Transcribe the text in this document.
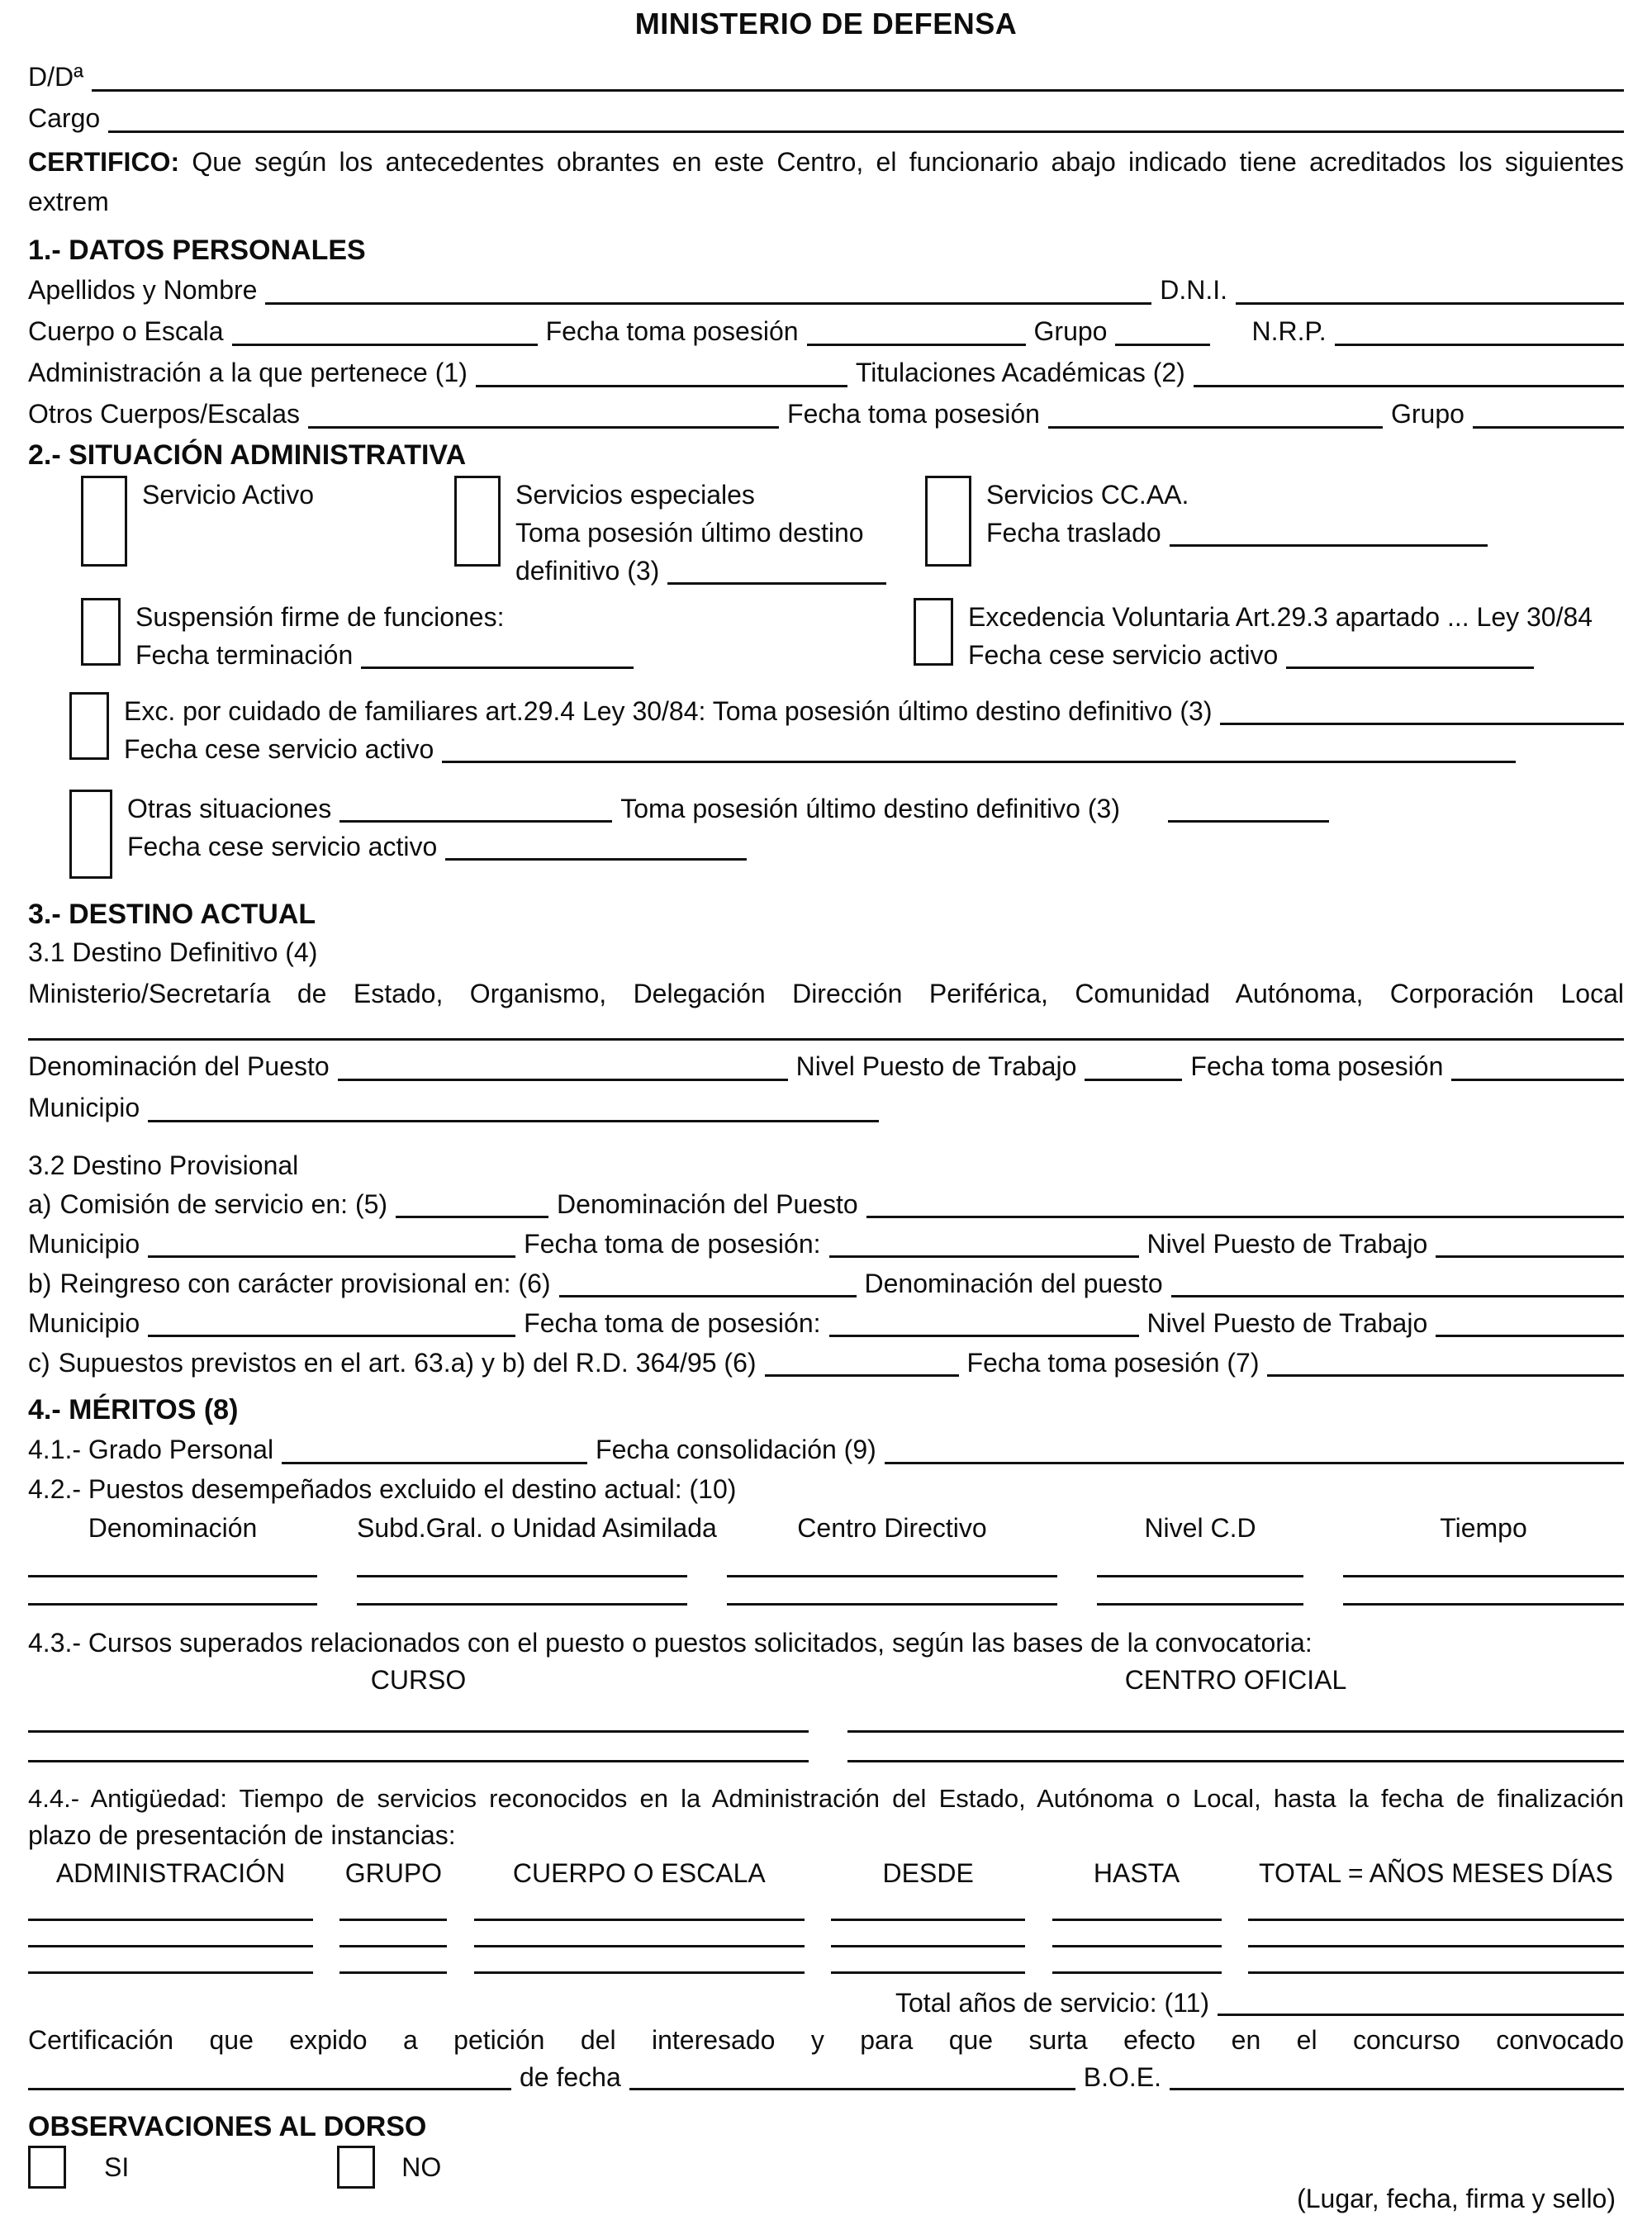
MINISTERIO DE DEFENSA
D/Dª
Cargo
CERTIFICO: Que según los antecedentes obrantes en este Centro, el funcionario abajo indicado tiene acreditados los siguientes extrem
1.- DATOS PERSONALES
Apellidos y Nombre	D.N.I.
Cuerpo o Escala	Fecha toma posesión	Grupo	N.R.P.
Administración a la que pertenece (1)	Titulaciones Académicas (2)
Otros Cuerpos/Escalas	Fecha toma posesión	Grupo
2.- SITUACIÓN ADMINISTRATIVA
Servicio Activo	Servicios especiales
Toma posesión último destino
definitivo (3)
Servicios CC.AA.
Fecha traslado
Suspensión firme de funciones:
Fecha terminación
Excedencia Voluntaria Art.29.3 apartado ... Ley 30/84
Fecha cese servicio activo
Exc. por cuidado de familiares art.29.4 Ley 30/84: Toma posesión último destino definitivo (3)
Fecha cese servicio activo
Otras situaciones	Toma posesión último destino definitivo (3)
Fecha cese servicio activo
3.- DESTINO ACTUAL
3.1 Destino Definitivo (4)
Ministerio/Secretaría de Estado, Organismo, Delegación Dirección Periférica, Comunidad Autónoma, Corporación Local
Denominación del Puesto	Nivel Puesto de Trabajo	Fecha toma posesión
Municipio
3.2 Destino Provisional
a) Comisión de servicio en: (5)	Denominación del Puesto
Municipio	Fecha toma de posesión:	Nivel Puesto de Trabajo
b) Reingreso con carácter provisional en: (6)	Denominación del puesto
Municipio	Fecha toma de posesión:	Nivel Puesto de Trabajo
c) Supuestos previstos en el art. 63.a) y b) del R.D. 364/95 (6)	Fecha toma posesión (7)
4.- MÉRITOS (8)
4.1.- Grado Personal	Fecha consolidación (9)
4.2.- Puestos desempeñados excluido el destino actual: (10)
Denominación	Subd.Gral. o Unidad Asimilada	Centro Directivo	Nivel C.D	Tiempo
4.3.- Cursos superados relacionados con el puesto o puestos solicitados, según las bases de la convocatoria:
CURSO	CENTRO OFICIAL
4.4.- Antigüedad: Tiempo de servicios reconocidos en la Administración del Estado, Autónoma o Local, hasta la fecha de finalización
plazo de presentación de instancias:
ADMINISTRACIÓN	GRUPO	CUERPO O ESCALA	DESDE	HASTA	TOTAL = AÑOS MESES DÍAS
Total años de servicio: (11)
Certificación que expido a petición del interesado y para que surta efecto en el concurso convocado
de fecha	B.O.E.
OBSERVACIONES AL DORSO
SI	NO
(Lugar, fecha, firma y sello)
